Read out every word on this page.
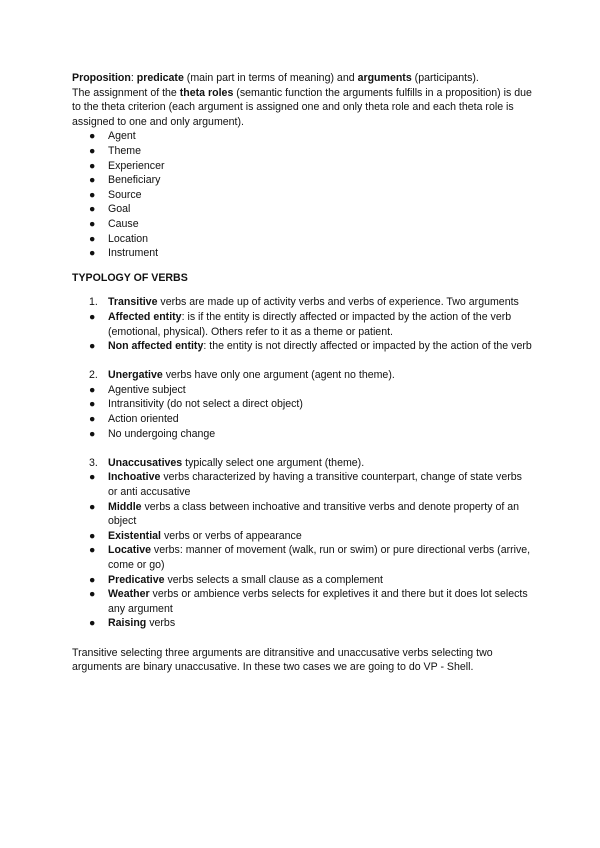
Proposition: predicate (main part in terms of meaning) and arguments (participants).

The assignment of the theta roles (semantic function the arguments fulfills in a proposition) is due to the theta criterion (each argument is assigned one and only theta role and each theta role is assigned to one and only argument).

● Agent
● Theme
● Experiencer
● Beneficiary
● Source
● Goal
● Cause
● Location
● Instrument

TYPOLOGY OF VERBS

1. Transitive verbs are made up of activity verbs and verbs of experience. Two arguments
● Affected entity: is if the entity is directly affected or impacted by the action of the verb (emotional, physical). Others refer to it as a theme or patient.
● Non affected entity: the entity is not directly affected or impacted by the action of the verb
2. Unergative verbs have only one argument (agent no theme).
● Agentive subject
● Intransitivity (do not select a direct object)
● Action oriented
● No undergoing change
3. Unaccusatives typically select one argument (theme).
● Inchoative verbs characterized by having a transitive counterpart, change of state verbs or anti accusative
● Middle verbs a class between inchoative and transitive verbs and denote property of an object
● Existential verbs or verbs of appearance
● Locative verbs: manner of movement (walk, run or swim) or pure directional verbs (arrive, come or go)
● Predicative verbs selects a small clause as a complement
● Weather verbs or ambience verbs selects for expletives it and there but it does lot selects any argument
● Raising verbs

Transitive selecting three arguments are ditransitive and unaccusative verbs selecting two arguments are binary unaccusative. In these two cases we are going to do VP - Shell.
